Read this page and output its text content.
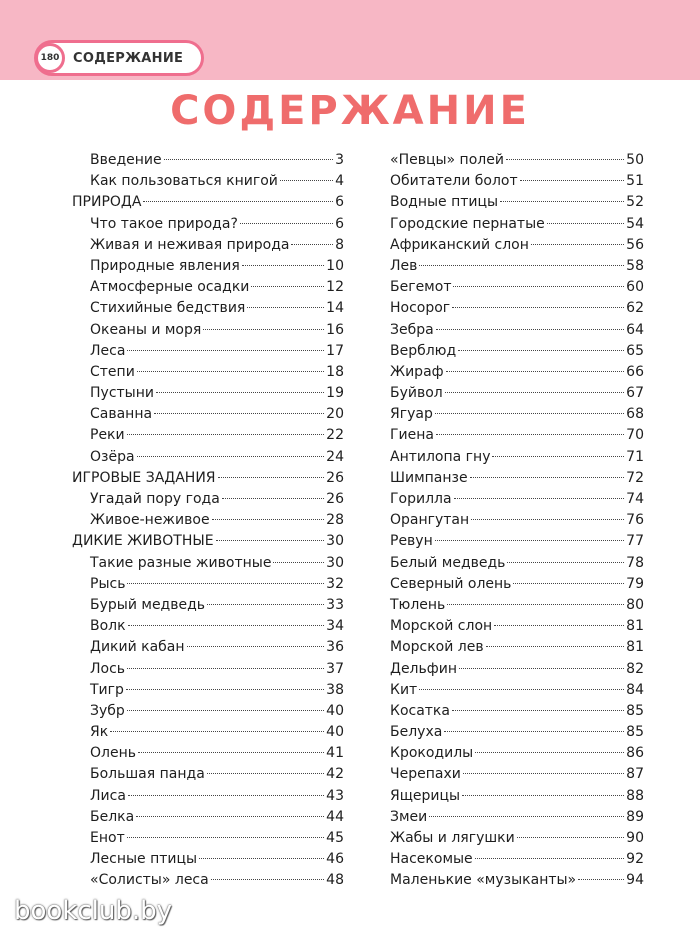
180	СОДЕРЖАНИЕ
СОДЕРЖАНИЕ
Введение	3
Как пользоваться книгой	4
ПРИРОДА	6
Что такое природа?	6
Живая и неживая природа	8
Природные явления	10
Атмосферные осадки	12
Стихийные бедствия	14
Океаны и моря	16
Леса	17
Степи	18
Пустыни	19
Саванна	20
Реки	22
Озёра	24
ИГРОВЫЕ ЗАДАНИЯ	26
Угадай пору года	26
Живое-неживое	28
ДИКИЕ ЖИВОТНЫЕ	30
Такие разные животные	30
Рысь	32
Бурый медведь	33
Волк	34
Дикий кабан	36
Лось	37
Тигр	38
Зубр	40
Як	40
Олень	41
Большая панда	42
Лиса	43
Белка	44
Енот	45
Лесные птицы	46
«Солисты» леса	48
«Певцы» полей	50
Обитатели болот	51
Водные птицы	52
Городские пернатые	54
Африканский слон	56
Лев	58
Бегемот	60
Носорог	62
Зебра	64
Верблюд	65
Жираф	66
Буйвол	67
Ягуар	68
Гиена	70
Антилопа гну	71
Шимпанзе	72
Горилла	74
Орангутан	76
Ревун	77
Белый медведь	78
Северный олень	79
Тюлень	80
Морской слон	81
Морской лев	81
Дельфин	82
Кит	84
Косатка	85
Белуха	85
Крокодилы	86
Черепахи	87
Ящерицы	88
Змеи	89
Жабы и лягушки	90
Насекомые	92
Маленькие «музыканты»	94
bookclub.by
